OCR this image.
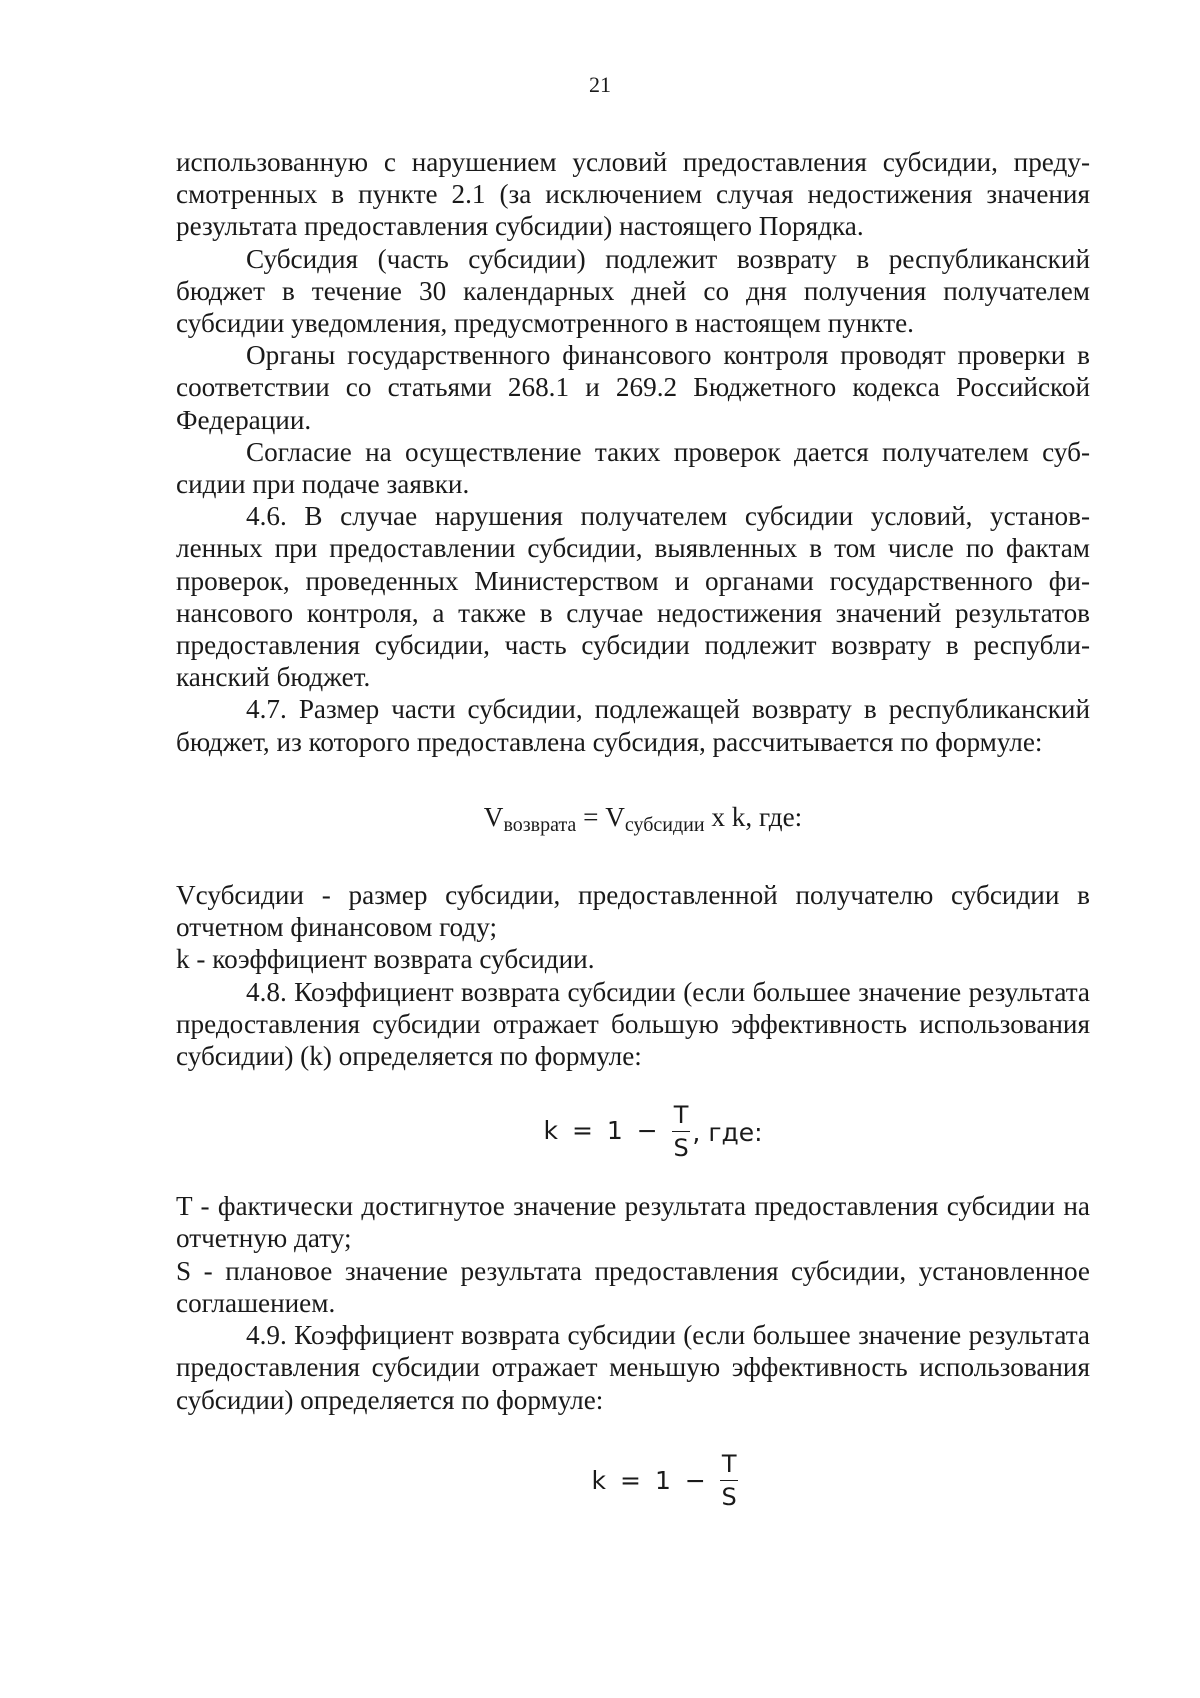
21

использованную с нарушением условий предоставления субсидии, предусмотренных в пункте 2.1 (за исключением случая недостижения значения результата предоставления субсидии) настоящего Порядка.

Субсидия (часть субсидии) подлежит возврату в республиканский бюджет в течение 30 календарных дней со дня получения получателем субсидии уведомления, предусмотренного в настоящем пункте.

Органы государственного финансового контроля проводят проверки в соответствии со статьями 268.1 и 269.2 Бюджетного кодекса Российской Федерации.

Согласие на осуществление таких проверок дается получателем субсидии при подаче заявки.

4.6. В случае нарушения получателем субсидии условий, установленных при предоставлении субсидии, выявленных в том числе по фактам проверок, проведенных Министерством и органами государственного финансового контроля, а также в случае недостижения значений результатов предоставления субсидии, часть субсидии подлежит возврату в республиканский бюджет.

4.7. Размер части субсидии, подлежащей возврату в республиканский бюджет, из которого предоставлена субсидия, рассчитывается по формуле:

$V_{возврата} = V_{субсидии}$ x k, где:

Vсубсидии - размер субсидии, предоставленной получателю субсидии в отчетном финансовом году;

k - коэффициент возврата субсидии.

4.8. Коэффициент возврата субсидии (если большее значение результата предоставления субсидии отражает большую эффективность использования субсидии) (k) определяется по формуле:

$k = 1 - \frac{T}{S}$ , где:

T - фактически достигнутое значение результата предоставления субсидии на отчетную дату;

S - плановое значение результата предоставления субсидии, установленное соглашением.

4.9. Коэффициент возврата субсидии (если большее значение результата предоставления субсидии отражает меньшую эффективность использования субсидии) определяется по формуле:

$k = 1 - \frac{T}{S}$
